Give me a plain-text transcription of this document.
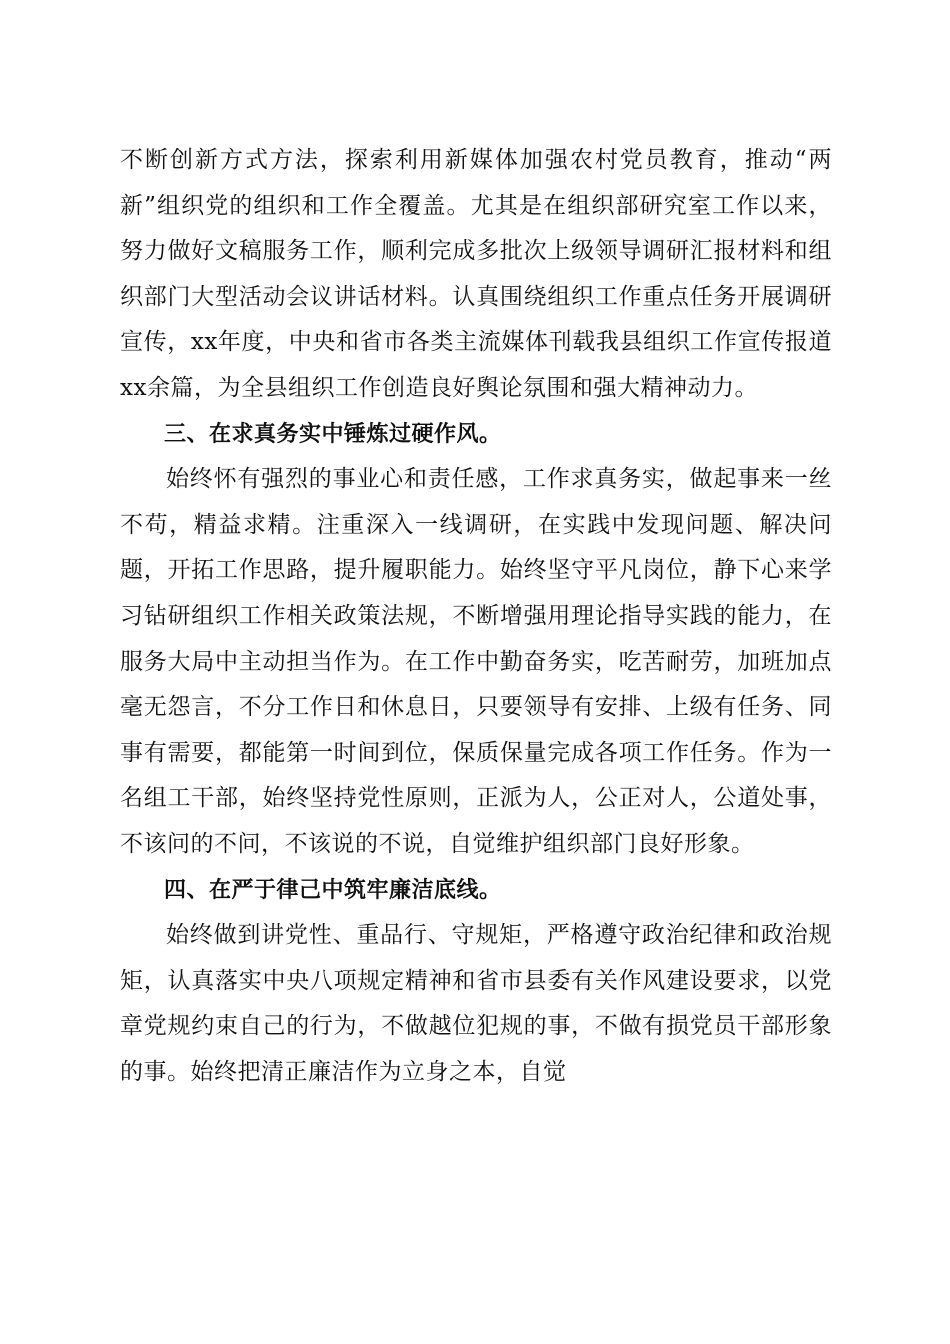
不断创新方式方法，探索利用新媒体加强农村党员教育，推动“两新”组织党的组织和工作全覆盖。尤其是在组织部研究室工作以来，努力做好文稿服务工作，顺利完成多批次上级领导调研汇报材料和组织部门大型活动会议讲话材料。认真围绕组织工作重点任务开展调研宣传，xx年度，中央和省市各类主流媒体刊载我县组织工作宣传报道xx余篇，为全县组织工作创造良好舆论氛围和强大精神动力。

三、在求真务实中锤炼过硬作风。

始终怀有强烈的事业心和责任感，工作求真务实，做起事来一丝不苟，精益求精。注重深入一线调研，在实践中发现问题、解决问题，开拓工作思路，提升履职能力。始终坚守平凡岗位，静下心来学习钻研组织工作相关政策法规，不断增强用理论指导实践的能力，在服务大局中主动担当作为。在工作中勤奋务实，吃苦耐劳，加班加点毫无怨言，不分工作日和休息日，只要领导有安排、上级有任务、同事有需要，都能第一时间到位，保质保量完成各项工作任务。作为一名组工干部，始终坚持党性原则，正派为人，公正对人，公道处事，不该问的不问，不该说的不说，自觉维护组织部门良好形象。

四、在严于律己中筑牢廉洁底线。

始终做到讲党性、重品行、守规矩，严格遵守政治纪律和政治规矩，认真落实中央八项规定精神和省市县委有关作风建设要求，以党章党规约束自己的行为，不做越位犯规的事，不做有损党员干部形象的事。始终把清正廉洁作为立身之本，自觉
